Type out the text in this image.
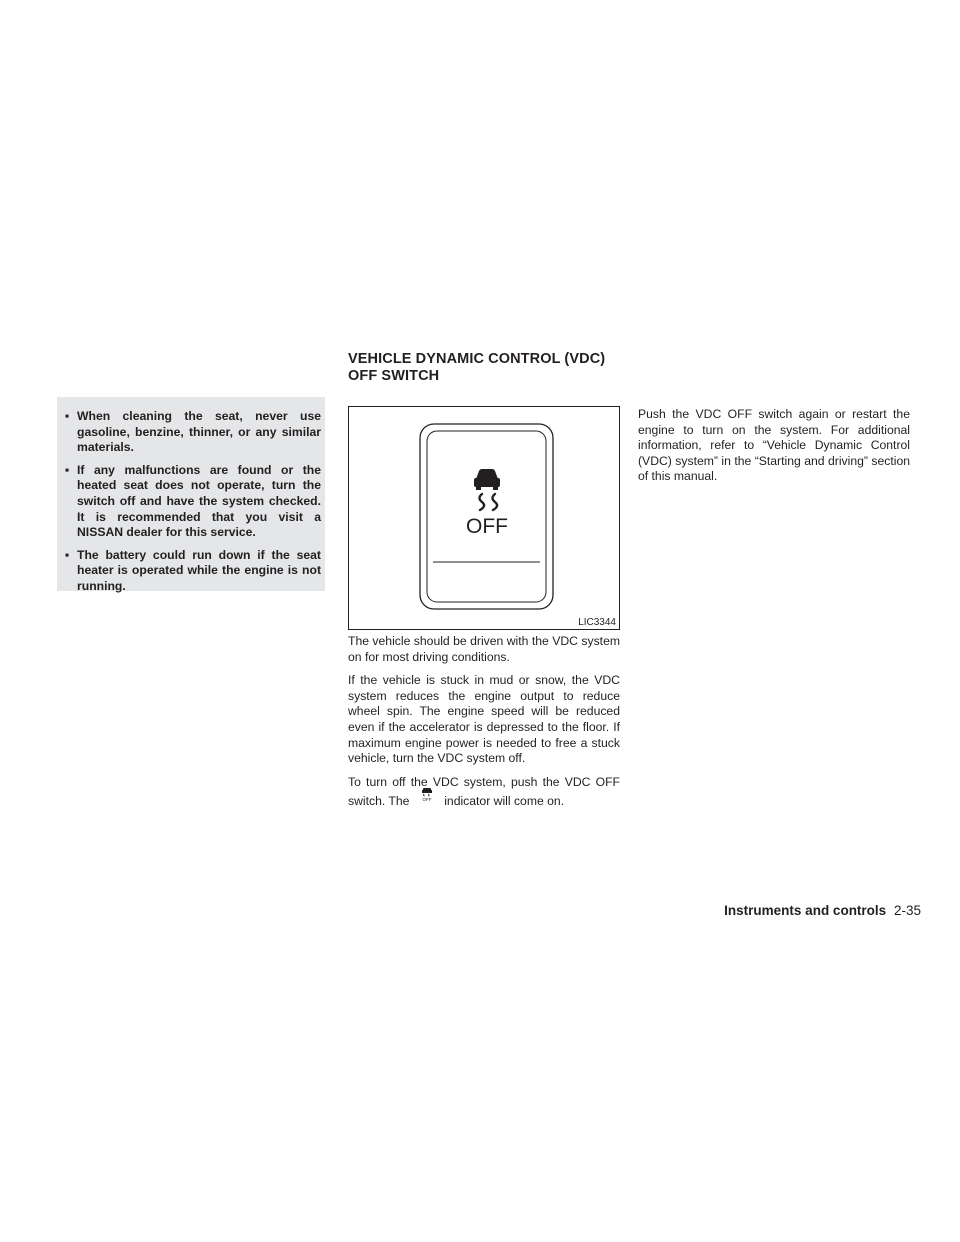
VEHICLE DYNAMIC CONTROL (VDC)
OFF SWITCH
▪ When cleaning the seat, never use gasoline, benzine, thinner, or any similar materials.
▪ If any malfunctions are found or the heated seat does not operate, turn the switch off and have the system checked. It is recommended that you visit a NISSAN dealer for this service.
▪ The battery could run down if the seat heater is operated while the engine is not running.
OFF
LIC3344

The vehicle should be driven with the VDC system on for most driving conditions.

If the vehicle is stuck in mud or snow, the VDC system reduces the engine output to reduce wheel spin. The engine speed will be reduced even if the accelerator is depressed to the floor. If maximum engine power is needed to free a stuck vehicle, turn the VDC system off.

To turn off the VDC system, push the VDC OFF switch. The	OFF indicator will come on.

Push the VDC OFF switch again or restart the engine to turn on the system. For additional information, refer to “Vehicle Dynamic Control (VDC) system” in the “Starting and driving” section of this manual.

Instruments and controls 2-35
